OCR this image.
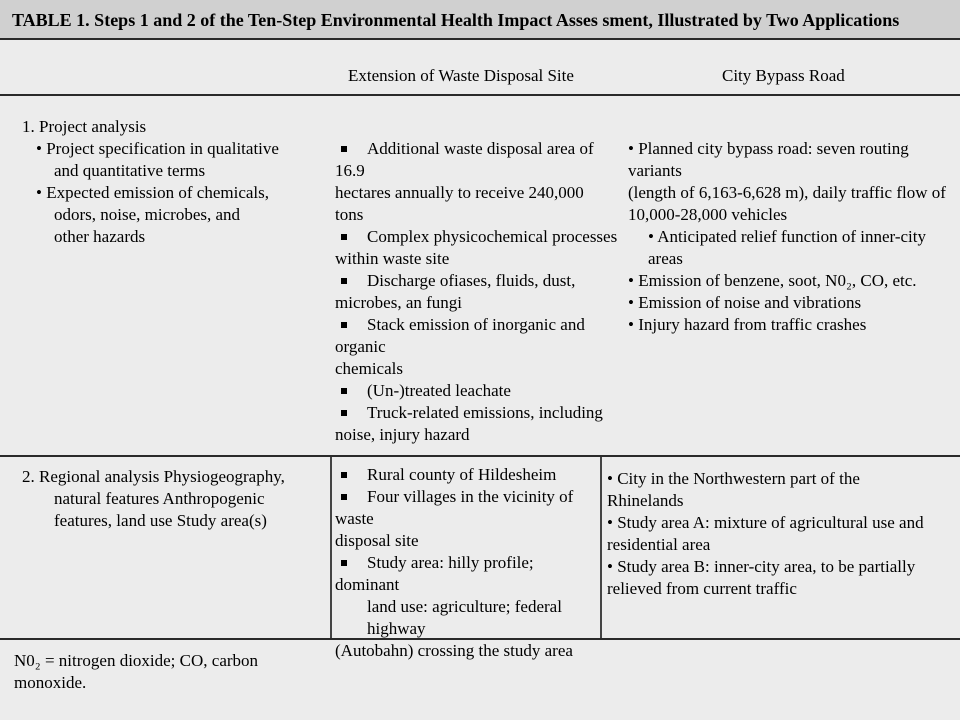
TABLE 1. Steps 1 and 2 of the Ten-Step Environmental Health Impact Asses sment, Illustrated by Two Applications
Extension of Waste Disposal Site	City Bypass Road

1. Project analysis

• Project specification in qualitative

and quantitative terms

• Expected emission of chemicals,

odors, noise, microbes, and

other hazards

Additional waste disposal area of 16.9

hectares annually to receive 240,000

tons

Complex physicochemical processes

within waste site

Discharge ofiases, fluids, dust,

microbes, an fungi

Stack emission of inorganic and organic

chemicals

(Un-)treated leachate

Truck-related emissions, including

noise, injury hazard

• Planned city bypass road: seven routing variants

(length of 6,163-6,628 m), daily traffic flow of

10,000-28,000 vehicles

• Anticipated relief function of inner-city areas

• Emission of benzene, soot, N0₂, CO, etc.

• Emission of noise and vibrations

• Injury hazard from traffic crashes

2. Regional analysis Physiogeography,

natural features Anthropogenic

features, land use Study area(s)

Rural county of Hildesheim

Four villages in the vicinity of waste

disposal site

Study area: hilly profile; dominant

land use: agriculture; federal highway

(Autobahn) crossing the study area

• City in the Northwestern part of the

Rhinelands

• Study area A: mixture of agricultural use and

residential area

• Study area B: inner-city area, to be partially

relieved from current traffic

N0₂ = nitrogen dioxide; CO, carbon

monoxide.
